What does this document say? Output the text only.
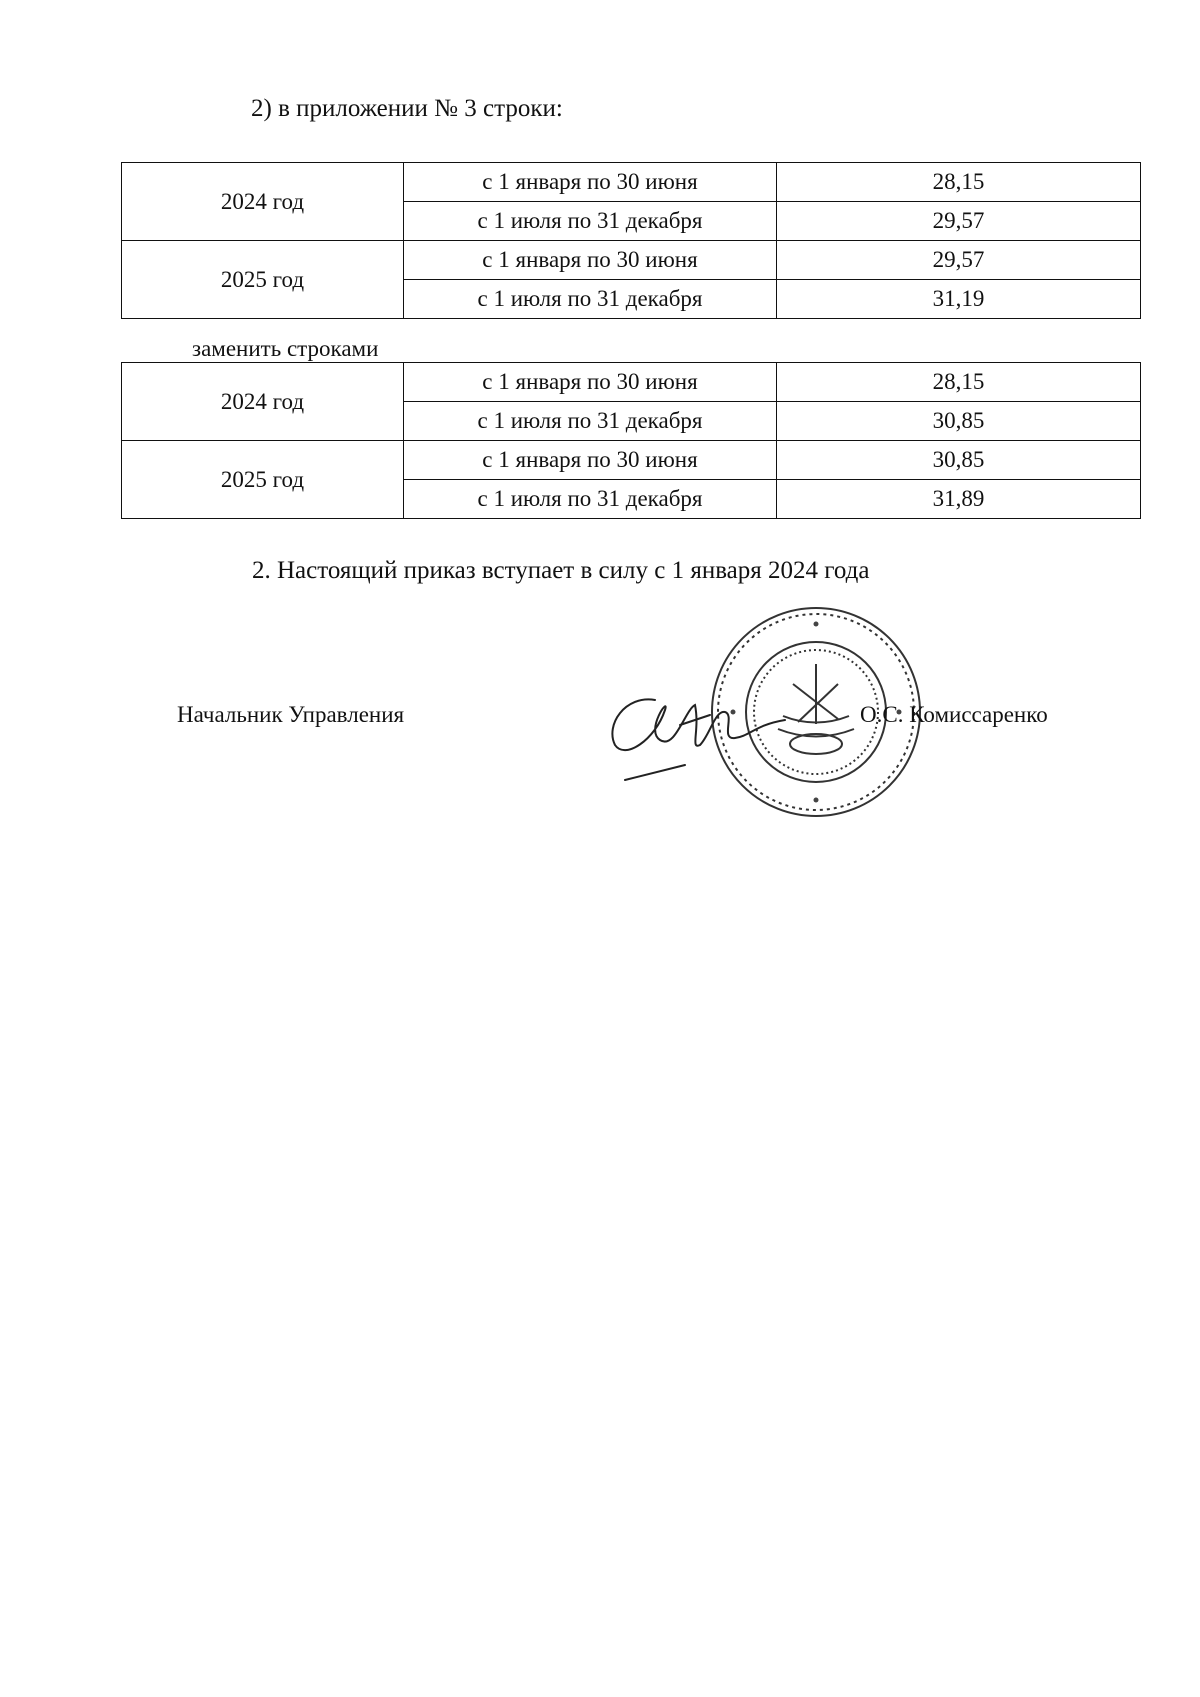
2) в приложении № 3 строки:
2024 год	с 1 января по 30 июня	28,15
	с 1 июля по 31 декабря	29,57
2025 год	с 1 января по 30 июня	29,57
	с 1 июля по 31 декабря	31,19
заменить строками
2024 год	с 1 января по 30 июня	28,15
	с 1 июля по 31 декабря	30,85
2025 год	с 1 января по 30 июня	30,85
	с 1 июля по 31 декабря	31,89
2. Настоящий приказ вступает в силу с 1 января 2024 года
Начальник Управления	О.С. Комиссаренко
